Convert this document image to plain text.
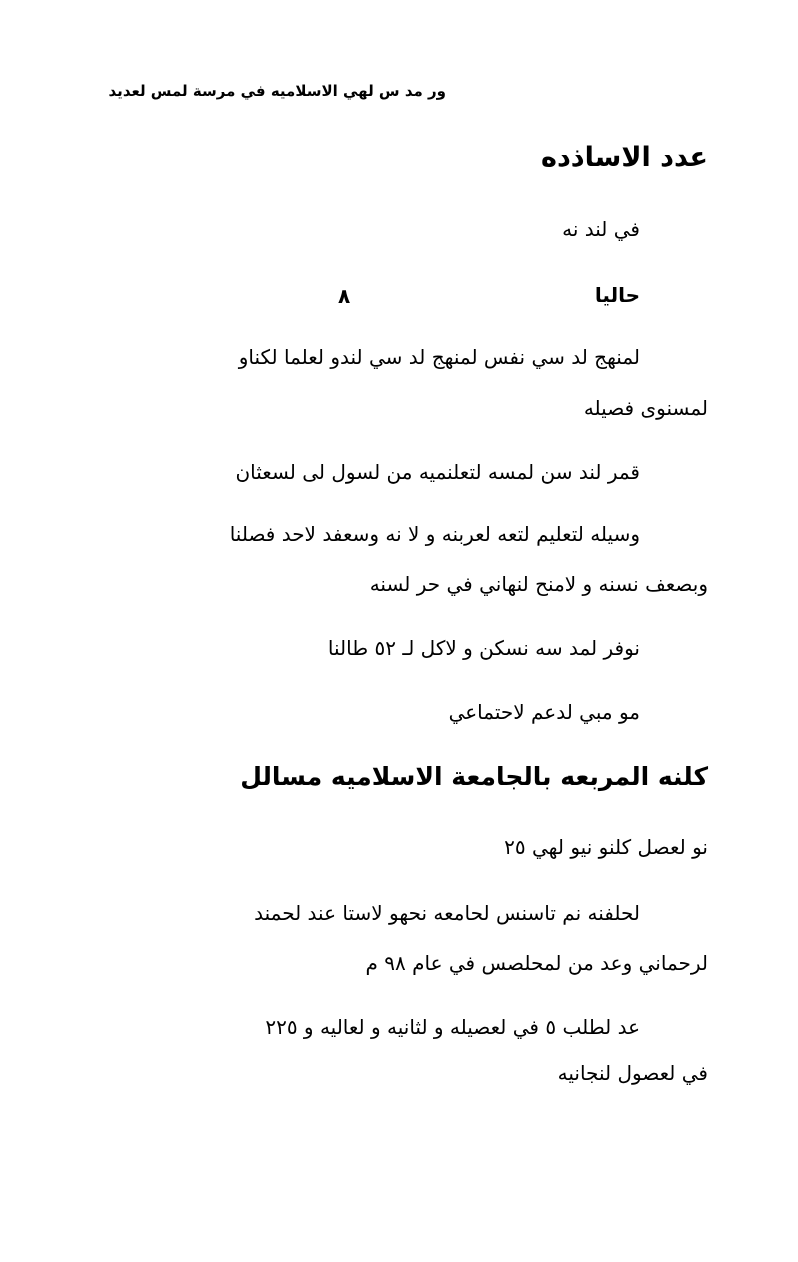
ور مد س لهي الاسلاميه في مرسة لمس لعديد
عدد الاساذده
في لند نه
حاليا
٨
لمنهج لد سي نفس لمنهج لد سي لندو لعلما لكناو
لمسنوى فصيله
قمر لند سن لمسه لتعلنميه من لسول لى لسعثان
وسيله لتعليم لتعه لعربنه و لا نه وسعفد لاحد فصلنا
وبصعف نسنه و لامنح لنهاني في حر لسنه
نوفر لمد سه نسكن و لاكل لـ ٥٢ طالنا
مو مبي لدعم لاحتماعي
كلنه المربعه بالجامعة الاسلاميه مسالل
نو لعصل كلنو نيو لهي ٢٥
لحلفنه نم تاسنس لحامعه نحهو لاستا عند لحمند
لرحماني وعد من لمحلصس في عام ٩٨ م
عد لطلب ٥ في لعصيله و لثانيه و لعاليه و ٢٢٥
في لعصول لنجانيه
